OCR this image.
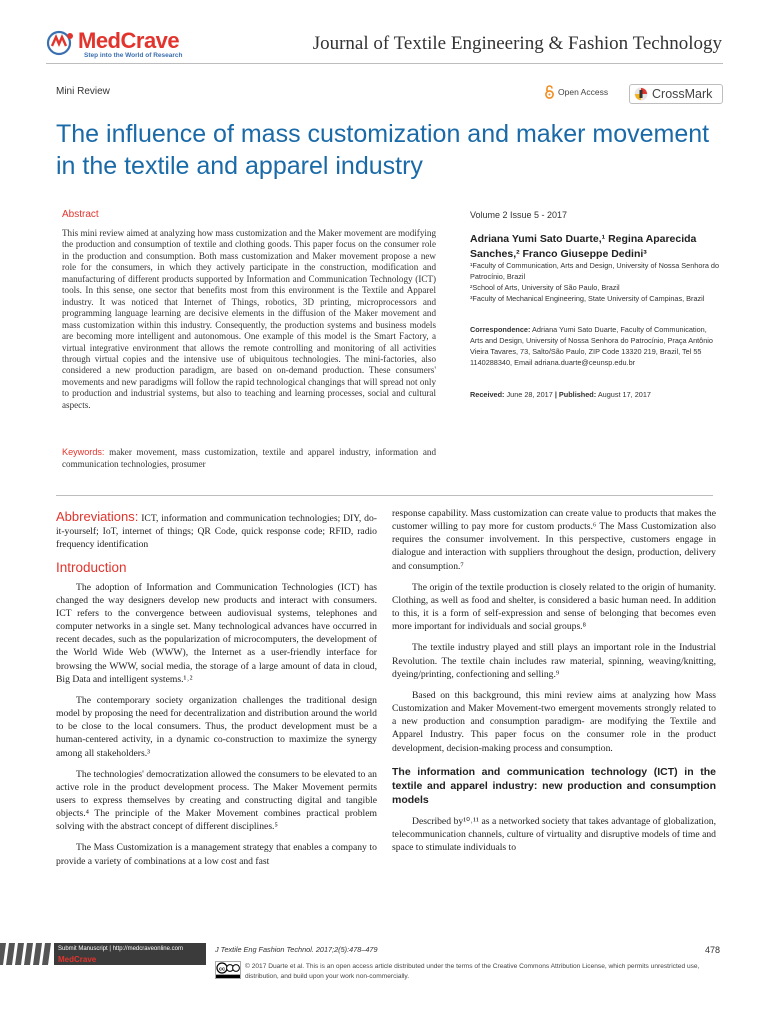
MedCrave
Step into the World of Research
Journal of Textile Engineering & Fashion Technology
Mini Review	Open Access	CrossMark
The influence of mass customization and maker movement in the textile and apparel industry
Abstract
This mini review aimed at analyzing how mass customization and the Maker movement are modifying the production and consumption of textile and clothing goods. This paper focus on the consumer role in the production and consumption. Both mass customization and Maker movement propose a new role for the consumers, in which they actively participate in the construction, modification and manufacturing of different products supported by Information and Communication Technology (ICT) tools. In this sense, one sector that benefits most from this environment is the Textile and Apparel industry. It was noticed that Internet of Things, robotics, 3D printing, microprocessors and programming language learning are decisive elements in the diffusion of the Maker movement and mass customization within this industry. Consequently, the production systems and business models are becoming more intelligent and autonomous. One example of this model is the Smart Factory, a virtual integrative environment that allows the remote controlling and monitoring of all activities through virtual copies and the intensive use of ubiquitous technologies. The mini-factories, also considered a new production paradigm, are based on on-demand production. These consumers' movements and new paradigms will follow the rapid technological changings that will spread not only to production and industrial systems, but also to teaching and learning processes, social and cultural aspects.
Keywords: maker movement, mass customization, textile and apparel industry, information and communication technologies, prosumer
Volume 2 Issue 5 - 2017
Adriana Yumi Sato Duarte,¹ Regina Aparecida Sanches,² Franco Giuseppe Dedini³
¹Faculty of Communication, Arts and Design, University of Nossa Senhora do Patrocínio, Brazil
²School of Arts, University of São Paulo, Brazil
³Faculty of Mechanical Engineering, State University of Campinas, Brazil
Correspondence: Adriana Yumi Sato Duarte, Faculty of Communication, Arts and Design, University of Nossa Senhora do Patrocínio, Praça Antônio Vieira Tavares, 73, Salto/São Paulo, ZIP Code 13320 219, Brazil, Tel 55 1140288340, Email adriana.duarte@ceunsp.edu.br
Received: June 28, 2017 | Published: August 17, 2017

Abbreviations: ICT, information and communication technologies; DIY, do-it-yourself; IoT, internet of things; QR Code, quick response code; RFID, radio frequency identification

Introduction

The adoption of Information and Communication Technologies (ICT) has changed the way designers develop new products and interact with consumers. ICT refers to the convergence between audiovisual systems, telephones and computer networks in a single set. Many technological advances have occurred in recent decades, such as the popularization of microcomputers, the development of the World Wide Web (WWW), the Internet as a user-friendly interface for browsing the WWW, social media, the storage of a large amount of data in cloud, Big Data and intelligent systems.¹˒²

The contemporary society organization challenges the traditional design model by proposing the need for decentralization and distribution around the world to be close to the local consumers. Thus, the product development must be a human-centered activity, in a dynamic co-construction to maximize the synergy among all stakeholders.³

The technologies' democratization allowed the consumers to be elevated to an active role in the product development process. The Maker Movement permits users to express themselves by creating and constructing digital and tangible objects.⁴ The principle of the Maker Movement combines practical problem solving with the abstract concept of different disciplines.⁵

The Mass Customization is a management strategy that enables a company to provide a variety of combinations at a low cost and fast

response capability. Mass customization can create value to products that makes the customer willing to pay more for custom products.⁶ The Mass Customization also requires the consumer involvement. In this perspective, customers engage in dialogue and interaction with suppliers throughout the design, production, delivery and consumption.⁷

The origin of the textile production is closely related to the origin of humanity. Clothing, as well as food and shelter, is considered a basic human need. In addition to this, it is a form of self-expression and sense of belonging that becomes even more important for individuals and social groups.⁸

The textile industry played and still plays an important role in the Industrial Revolution. The textile chain includes raw material, spinning, weaving/knitting, dyeing/printing, confectioning and selling.⁹

Based on this background, this mini review aims at analyzing how Mass Customization and Maker Movement-two emergent movements strongly related to a new production and consumption paradigm- are modifying the Textile and Apparel Industry. This paper focus on the consumer role in the product development, decision-making process and consumption.

The information and communication technology (ICT) in the textile and apparel industry: new production and consumption models

Described by¹⁰˒¹¹ as a networked society that takes advantage of globalization, telecommunication channels, culture of virtuality and disruptive models of time and space to stimulate individuals to

Submit Manuscript | http://medcraveonline.com
MedCrave
J Textile Eng Fashion Technol. 2017;2(5):478‒479	478
cc	© 2017 Duarte et al. This is an open access article distributed under the terms of the Creative Commons Attribution License, which permits unrestricted use, distribution, and build upon your work non-commercially.
